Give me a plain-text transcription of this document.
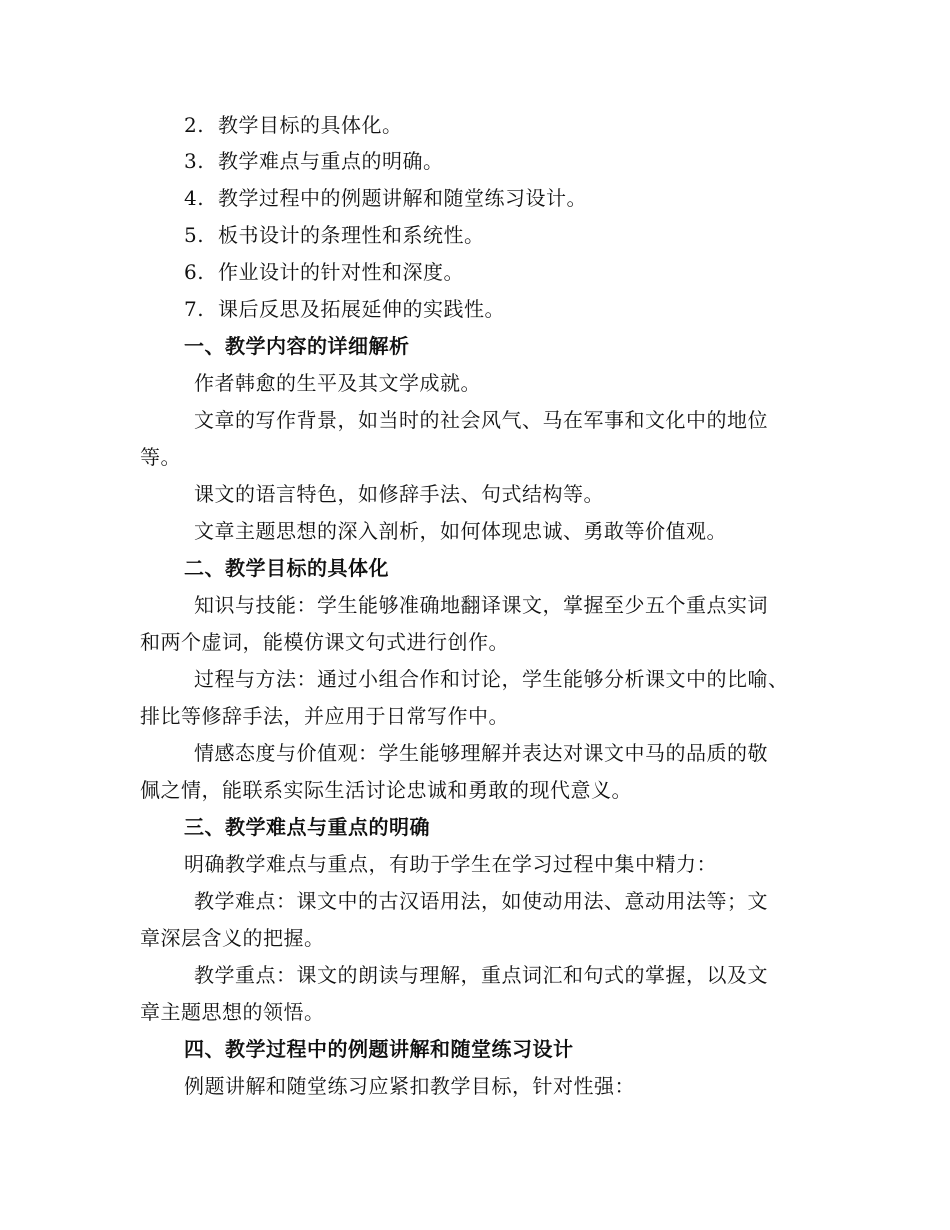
2. 教学目标的具体化。
3. 教学难点与重点的明确。
4. 教学过程中的例题讲解和随堂练习设计。
5. 板书设计的条理性和系统性。
6. 作业设计的针对性和深度。
7. 课后反思及拓展延伸的实践性。
一、教学内容的详细解析
作者韩愈的生平及其文学成就。
文章的写作背景，如当时的社会风气、马在军事和文化中的地位
等。
课文的语言特色，如修辞手法、句式结构等。
文章主题思想的深入剖析，如何体现忠诚、勇敢等价值观。
二、教学目标的具体化
知识与技能：学生能够准确地翻译课文，掌握至少五个重点实词
和两个虚词，能模仿课文句式进行创作。
过程与方法：通过小组合作和讨论，学生能够分析课文中的比喻、
排比等修辞手法，并应用于日常写作中。
情感态度与价值观：学生能够理解并表达对课文中马的品质的敬
佩之情，能联系实际生活讨论忠诚和勇敢的现代意义。
三、教学难点与重点的明确
明确教学难点与重点，有助于学生在学习过程中集中精力：
教学难点：课文中的古汉语用法，如使动用法、意动用法等；文
章深层含义的把握。
教学重点：课文的朗读与理解，重点词汇和句式的掌握，以及文
章主题思想的领悟。
四、教学过程中的例题讲解和随堂练习设计
例题讲解和随堂练习应紧扣教学目标，针对性强：
